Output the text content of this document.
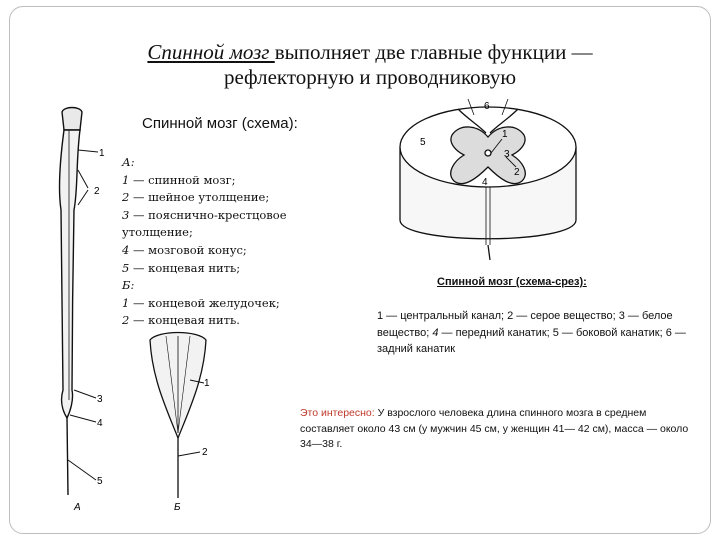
Спинной мозг выполняет две главные функции — рефлекторную и проводниковую
Спинной мозг (схема):
1
2
3
4
5
А
А:
1 — спинной мозг;
2 — шейное утолщение;
3 — пояснично-крестцовое утолщение;
4 — мозговой конус;
5 — концевая нить;
Б:
1 — концевой желудочек;
2 — концевая нить.
1
2
Б
1
2
3
4
5
6
Спинной мозг (схема-срез):
1 — центральный канал; 2 — серое вещество; 3 — белое вещество; 4 — передний канатик; 5 — боковой канатик; 6 — задний канатик
Это интересно: У взрослого человека длина спинного мозга в среднем составляет около 43 см (у мужчин 45 см, у женщин 41— 42 см), масса — около 34—38 г.
